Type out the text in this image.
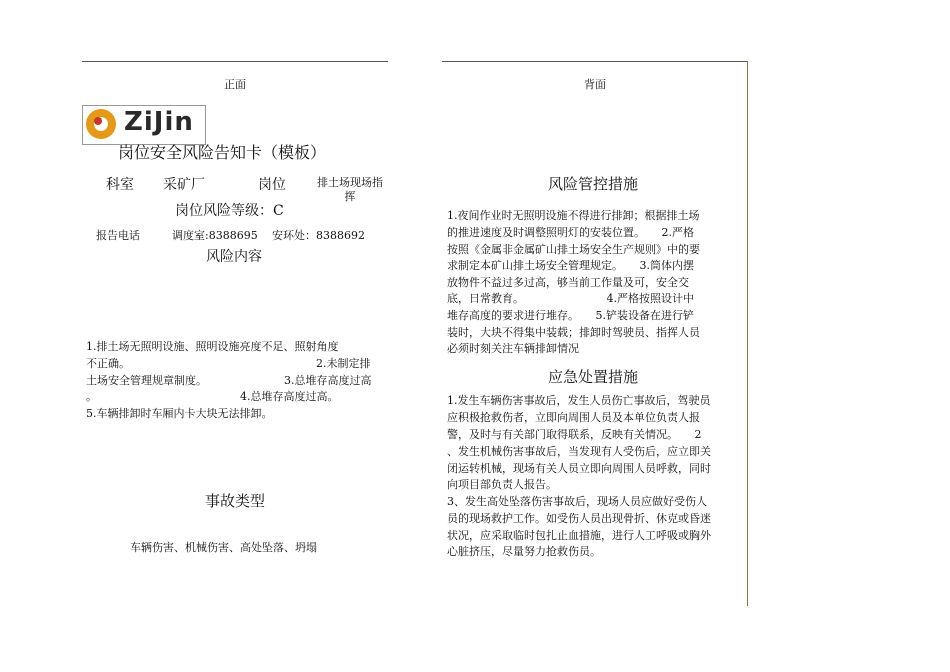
正面
ZiJin
岗位安全风险告知卡（模板）
科室 采矿厂	岗位	排土场现场指
挥
岗位风险等级：C
报告电话	调度室:8388695 安环处：8388692
风险内容
1.排土场无照明设施、照明设施亮度不足、照射角度
不正确。	2.未制定排
土场安全管理规章制度。	3.总堆存高度过高
。	4.总堆存高度过高。
5.车辆排卸时车厢内卡大块无法排卸。
事故类型
车辆伤害、机械伤害、高处坠落、坍塌
背面
风险管控措施
1.夜间作业时无照明设施不得进行排卸；根据排土场
的推进速度及时调整照明灯的安装位置。　　2.严格
按照《金属非金属矿山排土场安全生产规则》中的要
求制定本矿山排土场安全管理规定。　　3.筒体内摆
放物件不益过多过高，够当前工作量及可，安全交
底，日常教育。　　　　　　　　4.严格按照设计中
堆存高度的要求进行堆存。　　5.铲装设备在进行铲
装时，大块不得集中装载；排卸时驾驶员、指挥人员
必须时刻关注车辆排卸情况
应急处置措施
1.发生车辆伤害事故后，发生人员伤亡事故后，驾驶员
应积极抢救伤者，立即向周围人员及本单位负责人报
警，及时与有关部门取得联系，反映有关情况。　　2
、发生机械伤害事故后，当发现有人受伤后，应立即关
闭运转机械，现场有关人员立即向周围人员呼救，同时
向项目部负责人报告。
3、发生高处坠落伤害事故后，现场人员应做好受伤人
员的现场救护工作。如受伤人员出现骨折、休克或昏迷
状况，应采取临时包扎止血措施，进行人工呼吸或胸外
心脏挤压，尽量努力抢救伤员。
